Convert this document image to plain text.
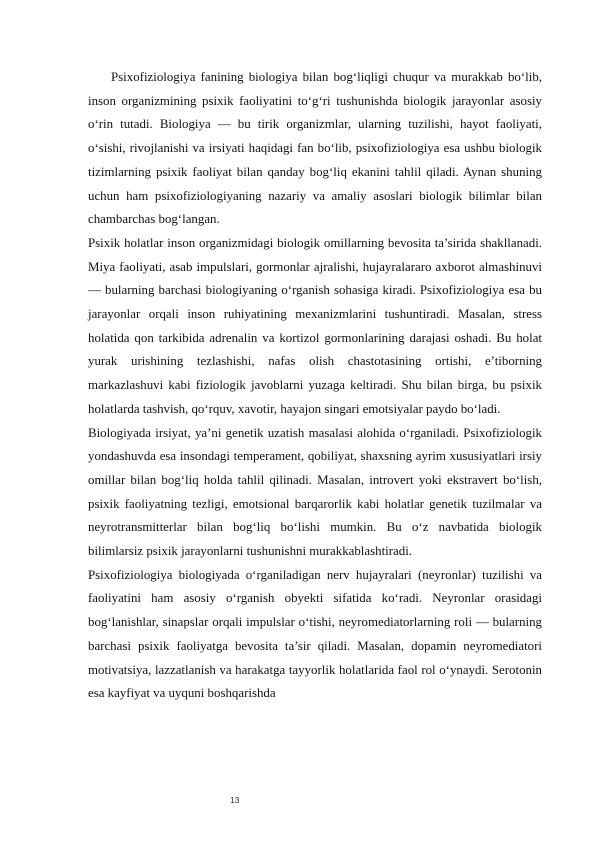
Psixofiziologiya fanining biologiya bilan bog‘liqligi chuqur va murakkab bo‘lib, inson organizmining psixik faoliyatini to‘g‘ri tushunishda biologik jarayonlar asosiy o‘rin tutadi. Biologiya — bu tirik organizmlar, ularning tuzilishi, hayot faoliyati, o‘sishi, rivojlanishi va irsiyati haqidagi fan bo‘lib, psixofiziologiya esa ushbu biologik tizimlarning psixik faoliyat bilan qanday bog‘liq ekanini tahlil qiladi. Aynan shuning uchun ham psixofiziologiyaning nazariy va amaliy asoslari biologik bilimlar bilan chambarchas bog‘langan.

Psixik holatlar inson organizmidagi biologik omillarning bevosita ta’sirida shakllanadi. Miya faoliyati, asab impulslari, gormonlar ajralishi, hujayralararo axborot almashinuvi — bularning barchasi biologiyaning o‘rganish sohasiga kiradi. Psixofiziologiya esa bu jarayonlar orqali inson ruhiyatining mexanizmlarini tushuntiradi. Masalan, stress holatida qon tarkibida adrenalin va kortizol gormonlarining darajasi oshadi. Bu holat yurak urishining tezlashishi, nafas olish chastotasining ortishi, e’tiborning markazlashuvi kabi fiziologik javoblarni yuzaga keltiradi. Shu bilan birga, bu psixik holatlarda tashvish, qo‘rquv, xavotir, hayajon singari emotsiyalar paydo bo‘ladi.

Biologiyada irsiyat, ya’ni genetik uzatish masalasi alohida o‘rganiladi. Psixofiziologik yondashuvda esa insondagi temperament, qobiliyat, shaxsning ayrim xususiyatlari irsiy omillar bilan bog‘liq holda tahlil qilinadi. Masalan, introvert yoki ekstravert bo‘lish, psixik faoliyatning tezligi, emotsional barqarorlik kabi holatlar genetik tuzilmalar va neyrotransmitterlar bilan bog‘liq bo‘lishi mumkin. Bu o‘z navbatida biologik bilimlarsiz psixik jarayonlarni tushunishni murakkablashtiradi.

Psixofiziologiya biologiyada o‘rganiladigan nerv hujayralari (neyronlar) tuzilishi va faoliyatini ham asosiy o‘rganish obyekti sifatida ko‘radi. Neyronlar orasidagi bog‘lanishlar, sinapslar orqali impulslar o‘tishi, neyromediatorlarning roli — bularning barchasi psixik faoliyatga bevosita ta’sir qiladi. Masalan, dopamin neyromediatori motivatsiya, lazzatlanish va harakatga tayyorlik holatlarida faol rol o‘ynaydi. Serotonin esa kayfiyat va uyquni boshqarishda

13
